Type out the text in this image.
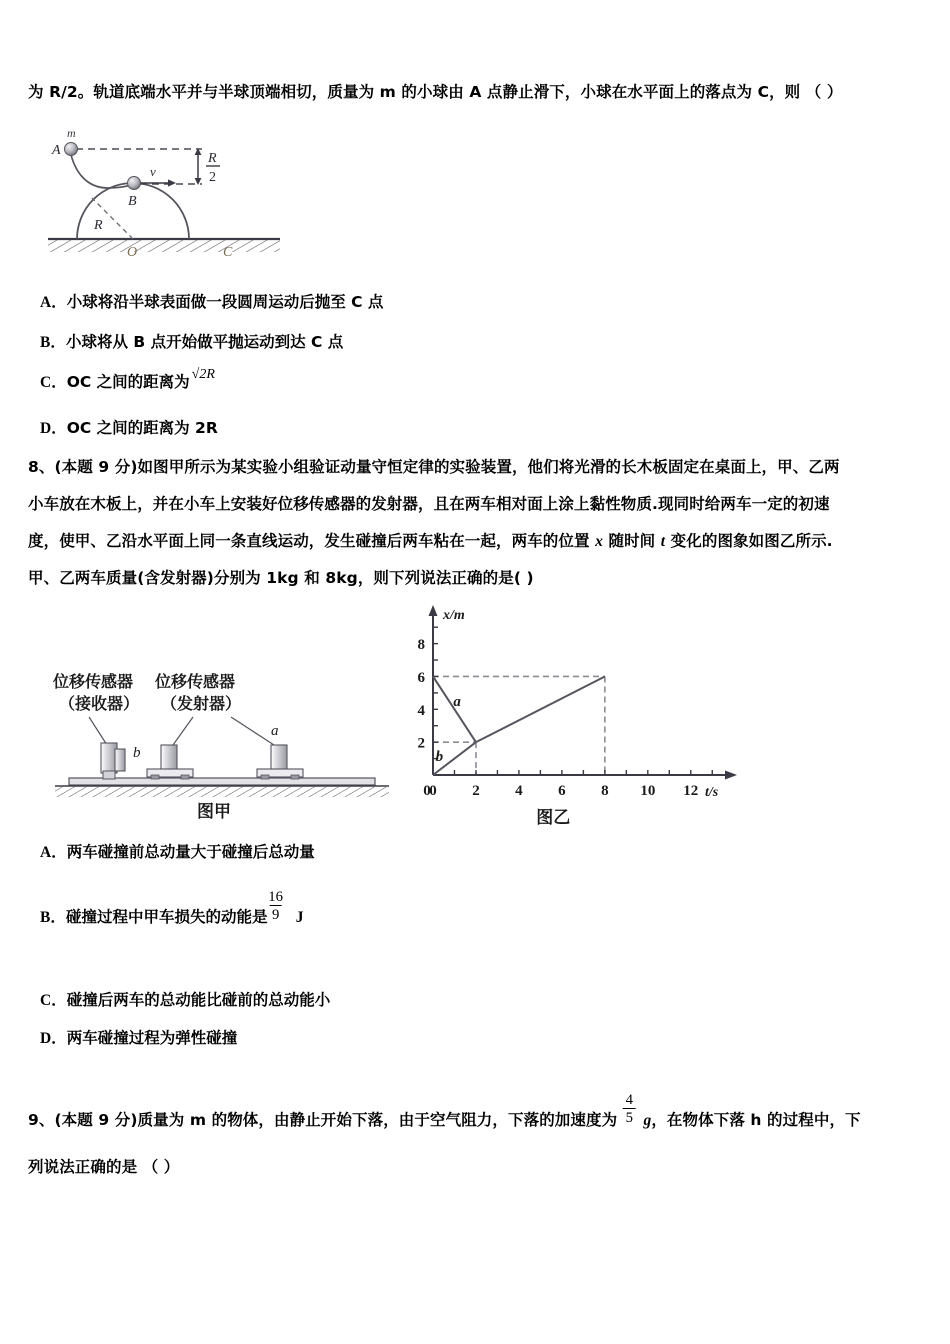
为 R/2。轨道底端水平并与半球顶端相切，质量为 m 的小球由 A 点静止滑下，小球在水平面上的落点为 C，则 （ ）
A
m
B
v
R
O	C
R
2
A．小球将沿半球表面做一段圆周运动后抛至 C 点
B．小球将从 B 点开始做平抛运动到达 C 点
C．OC 之间的距离为 √2R
D．OC 之间的距离为 2R
8、(本题 9 分)如图甲所示为某实验小组验证动量守恒定律的实验装置，他们将光滑的长木板固定在桌面上，甲、乙两
小车放在木板上，并在小车上安装好位移传感器的发射器，且在两车相对面上涂上黏性物质.现同时给两车一定的初速
度，使甲、乙沿水平面上同一条直线运动，发生碰撞后两车粘在一起，两车的位置 x 随时间 t 变化的图象如图乙所示.
甲、乙两车质量(含发射器)分别为 1kg 和 8kg，则下列说法正确的是( )
位移传感器
（接收器）
位移传感器
（发射器）
b
a
图甲
0 2 4 6 8 10 12
2
4
6
8
x/m
t/s
a
b
0
图乙
A．两车碰撞前总动量大于碰撞后总动量
B．碰撞过程中甲车损失的动能是 $\frac{16}{9}$ J
C．碰撞后两车的总动能比碰前的总动能小
D．两车碰撞过程为弹性碰撞
9、(本题 9 分)质量为 m 的物体，由静止开始下落，由于空气阻力，下落的加速度为 $\frac{4}{5}$ g，在物体下落 h 的过程中，下
列说法正确的是 （ ）
